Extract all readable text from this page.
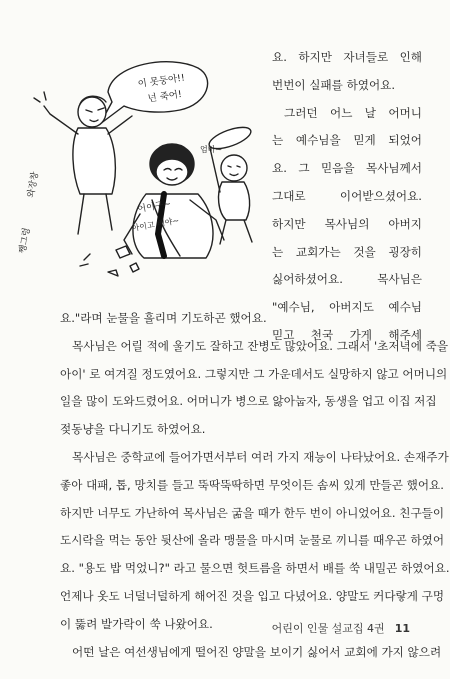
이 못둥아!!
넌 죽어!
어이구~
아이고 배야~
엄마~
와장창
쨍그렁

요. 하지만 자녀들로 인해

번번이 실패를 하였어요.

그러던 어느 날 어머니

는 예수님을 믿게 되었어

요. 그 믿음을 목사님께서

그대로 이어받으셨어요.

하지만 목사님의 아버지

는 교회가는 것을 굉장히

싫어하셨어요. 목사님은

"예수님, 아버지도 예수님

믿고 천국 가게 해주세

요."라며 눈물을 흘리며 기도하곤 했어요.

목사님은 어릴 적에 울기도 잘하고 잔병도 많았어요. 그래서 '초저녁에 죽을

아이' 로 여겨질 정도였어요. 그렇지만 그 가운데서도 실망하지 않고 어머니의

일을 많이 도와드렸어요. 어머니가 병으로 앓아눕자, 동생을 업고 이집 저집

젖동냥을 다니기도 하였어요.

목사님은 중학교에 들어가면서부터 여러 가지 재능이 나타났어요. 손재주가

좋아 대패, 톱, 망치를 들고 뚝딱뚝딱하면 무엇이든 솜씨 있게 만들곤 했어요.

하지만 너무도 가난하여 목사님은 굶을 때가 한두 번이 아니었어요. 친구들이

도시락을 먹는 동안 뒷산에 올라 맹물을 마시며 눈물로 끼니를 때우곤 하였어

요. "용도 밥 먹었니?" 라고 물으면 헛트름을 하면서 배를 쑥 내밀곤 하였어요.

언제나 옷도 너덜너덜하게 해어진 것을 입고 다녔어요. 양말도 커다랗게 구멍

이 뚫려 발가락이 쑥 나왔어요.

어떤 날은 여선생님에게 떨어진 양말을 보이기 싫어서 교회에 가지 않으려

어린이 인물 설교집 4권 11
